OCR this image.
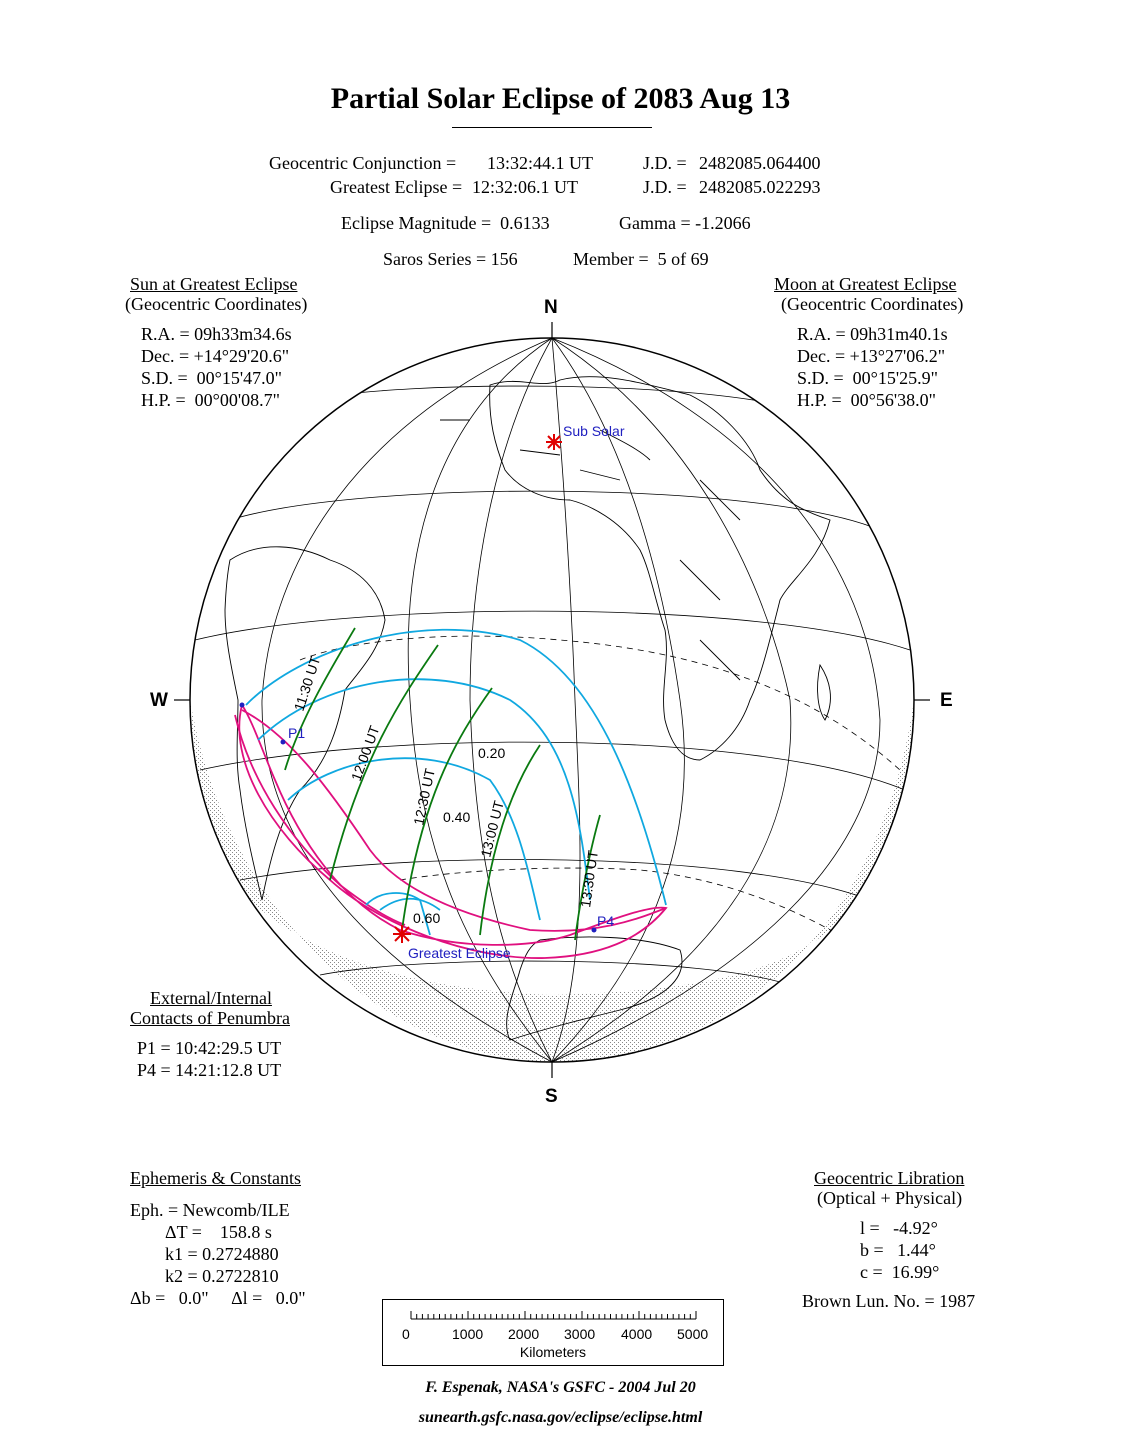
Partial Solar Eclipse of 2083 Aug 13
Geocentric Conjunction = 13:32:44.1 UT	J.D. = 2482085.064400
Greatest Eclipse = 12:32:06.1 UT	J.D. = 2482085.022293
Eclipse Magnitude =  0.6133	Gamma = -1.2066
Saros Series = 156	Member =  5 of 69
Sun at Greatest Eclipse
(Geocentric Coordinates)
R.A. = 09h33m34.6s
Dec. = +14°29'20.6"
S.D. =  00°15'47.0"
H.P. =  00°00'08.7"
Moon at Greatest Eclipse
(Geocentric Coordinates)
R.A. = 09h31m40.1s
Dec. = +13°27'06.2"
S.D. =  00°15'25.9"
H.P. =  00°56'38.0"
Sub Solar
Greatest Eclipse
P1
P4
0.20
0.40
0.60
11:30 UT
12:00 UT
12:30 UT
13:00 UT
13:30 UT
N
S
W	E
External/Internal
Contacts of Penumbra
P1 = 10:42:29.5 UT
P4 = 14:21:12.8 UT
Ephemeris & Constants
Eph. = Newcomb/ILE
ΔT =    158.8 s
k1 = 0.2724880
k2 = 0.2722810
Δb =   0.0"     Δl =   0.0"
Geocentric Libration
(Optical + Physical)
l =   -4.92°
b =   1.44°
c =  16.99°
Brown Lun. No. = 1987
0	1000 2000 3000 4000 5000
Kilometers
F. Espenak, NASA's GSFC - 2004 Jul 20
sunearth.gsfc.nasa.gov/eclipse/eclipse.html
